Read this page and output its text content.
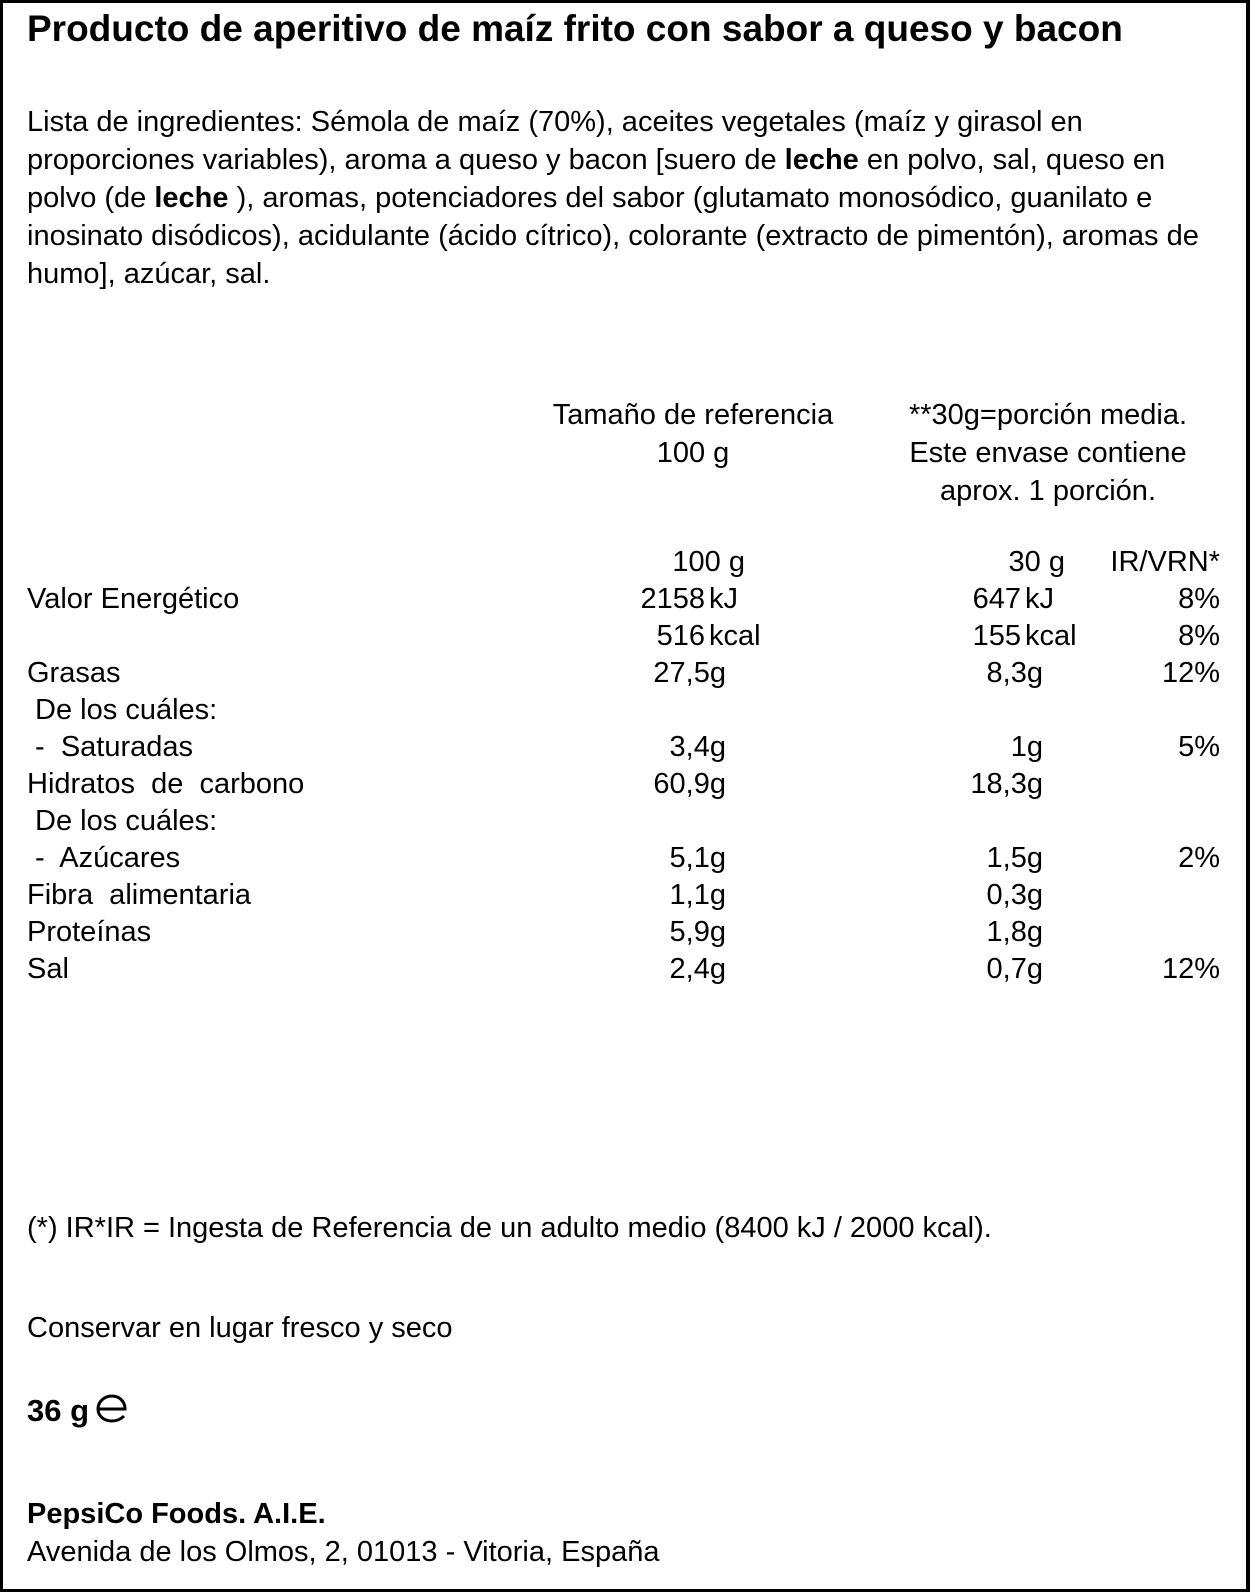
Producto de aperitivo de maíz frito con sabor a queso y bacon
Lista de ingredientes: Sémola de maíz (70%), aceites vegetales (maíz y girasol en proporciones variables), aroma a queso y bacon [suero de leche en polvo, sal, queso en polvo (de leche ), aromas, potenciadores del sabor (glutamato monosódico, guanilato e inosinato disódicos), acidulante (ácido cítrico), colorante (extracto de pimentón), aromas de humo], azúcar, sal.
Tamaño de referencia
100 g
**30g=porción media.
Este envase contiene
aprox. 1 porción.
100 g	30 g	IR/VRN*
Valor Energético	2158 kJ	647 kJ	8%
516 kcal	155 kcal	8%
Grasas	27,5g	8,3g	12%
De los cuáles:
-  Saturadas	3,4g	1g	5%
Hidratos  de  carbono	60,9g	18,3g
De los cuáles:
-  Azúcares	5,1g	1,5g	2%
Fibra  alimentaria	1,1g	0,3g
Proteínas	5,9g	1,8g
Sal	2,4g	0,7g	12%
(*) IR*IR = Ingesta de Referencia de un adulto medio (8400 kJ / 2000 kcal).
Conservar en lugar fresco y seco
36 g
PepsiCo Foods. A.I.E.
Avenida de los Olmos, 2, 01013 - Vitoria, España
